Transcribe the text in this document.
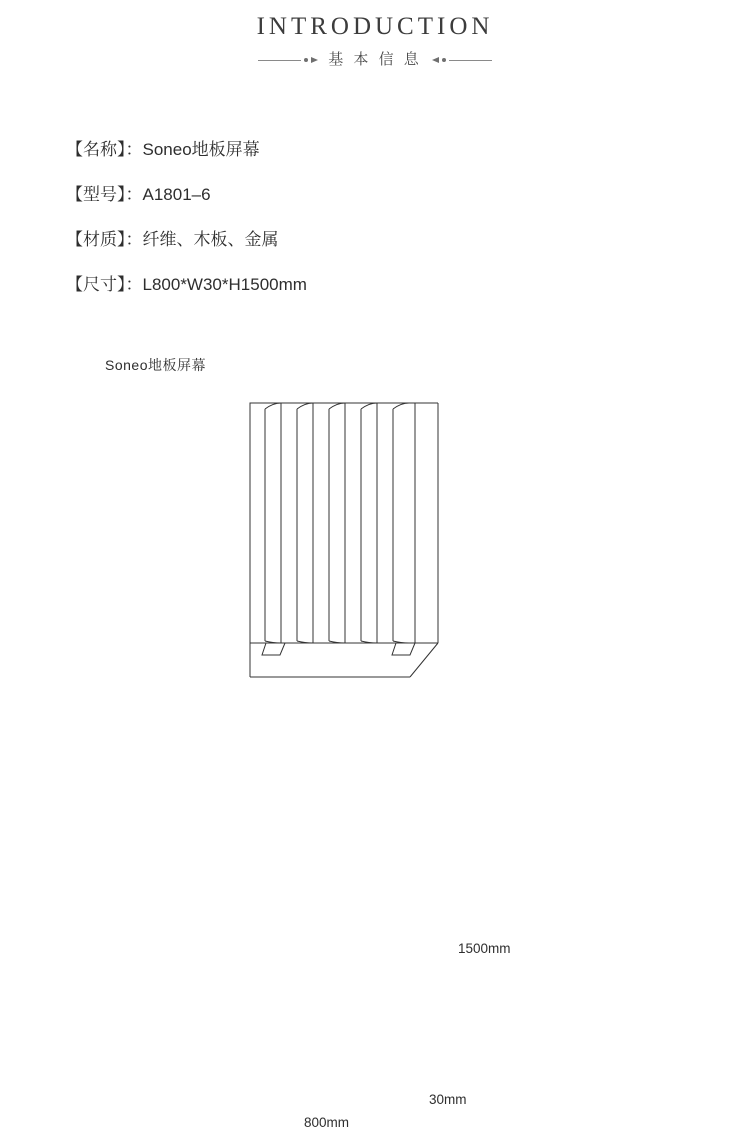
INTRODUCTION
基 本 信 息
【名称】：Soneo地板屏幕
【型号】：A1801–6
【材质】：纤维、木板、金属
【尺寸】：L800*W30*H1500mm
Soneo地板屏幕
1500mm
30mm
800mm
